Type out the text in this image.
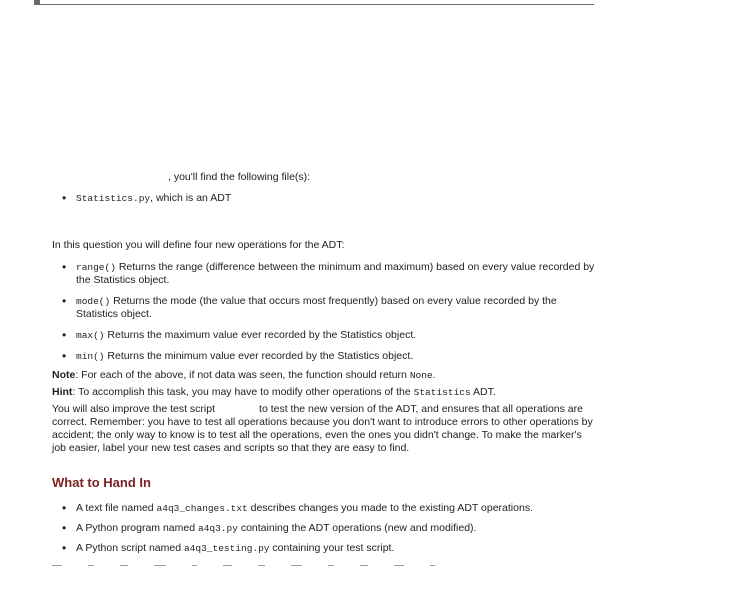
, you'll find the following file(s):
• Statistics.py, which is an ADT
In this question you will define four new operations for the ADT:
• range() Returns the range (difference between the minimum and maximum) based on every value recorded by the Statistics object.
• mode() Returns the mode (the value that occurs most frequently) based on every value recorded by the Statistics object.
• max() Returns the maximum value ever recorded by the Statistics object.
• min() Returns the minimum value ever recorded by the Statistics object.
Note: For each of the above, if not data was seen, the function should return None.
Hint: To accomplish this task, you may have to modify other operations of the Statistics ADT.
You will also improve the test script	to test the new version of the ADT, and ensures that all operations are correct. Remember: you have to test all operations because you don't want to introduce errors to other operations by accident; the only way to know is to test all the operations, even the ones you didn't change. To make the marker's job easier, label your new test cases and scripts so that they are easy to find.
What to Hand In
• A text file named a4q3_changes.txt describes changes you made to the existing ADT operations.
• A Python program named a4q3.py containing the ADT operations (new and modified).
• A Python script named a4q3_testing.py containing your test script.
